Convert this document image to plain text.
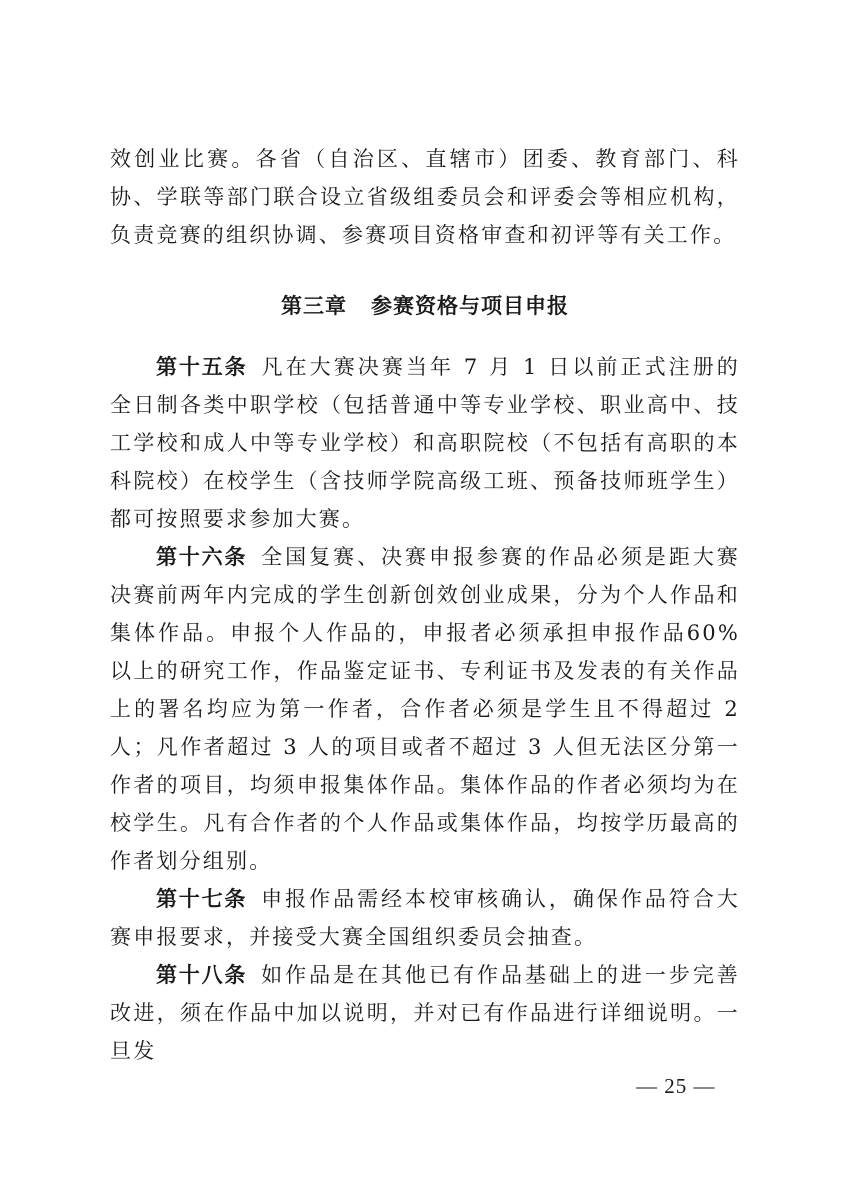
效创业比赛。各省（自治区、直辖市）团委、教育部门、科协、学联等部门联合设立省级组委员会和评委会等相应机构，负责竞赛的组织协调、参赛项目资格审查和初评等有关工作。
第三章 参赛资格与项目申报

第十五条 凡在大赛决赛当年 7 月 1 日以前正式注册的全日制各类中职学校（包括普通中等专业学校、职业高中、技工学校和成人中等专业学校）和高职院校（不包括有高职的本科院校）在校学生（含技师学院高级工班、预备技师班学生）都可按照要求参加大赛。

第十六条 全国复赛、决赛申报参赛的作品必须是距大赛决赛前两年内完成的学生创新创效创业成果，分为个人作品和集体作品。申报个人作品的，申报者必须承担申报作品60%以上的研究工作，作品鉴定证书、专利证书及发表的有关作品上的署名均应为第一作者，合作者必须是学生且不得超过 2 人；凡作者超过 3 人的项目或者不超过 3 人但无法区分第一作者的项目，均须申报集体作品。集体作品的作者必须均为在校学生。凡有合作者的个人作品或集体作品，均按学历最高的作者划分组别。

第十七条 申报作品需经本校审核确认，确保作品符合大赛申报要求，并接受大赛全国组织委员会抽查。

第十八条 如作品是在其他已有作品基础上的进一步完善改进，须在作品中加以说明，并对已有作品进行详细说明。一旦发

— 25 —
